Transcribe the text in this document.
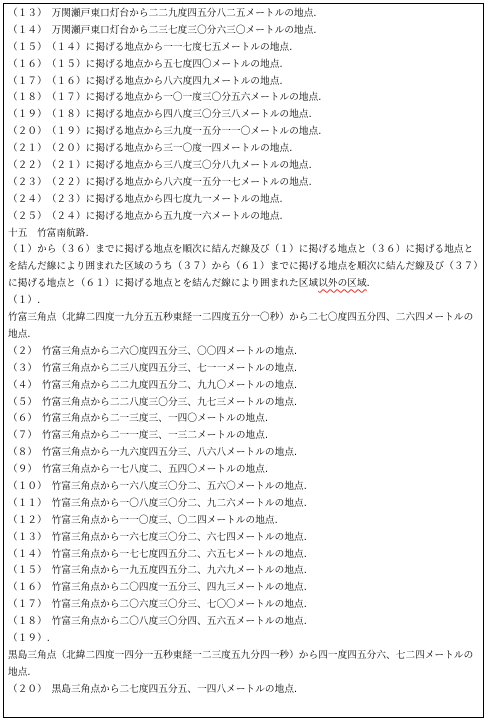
（１３）　万関瀬戸東口灯台から二二九度四五分八二五メートルの地点.
（１４）　万関瀬戸東口灯台から二三七度三〇分六三〇メートルの地点.
（１５）　（１４）に掲げる地点から一一七度七五メートルの地点.
（１６）　（１５）に掲げる地点から五七度四〇メートルの地点.
（１７）　（１６）に掲げる地点から八六度四九メートルの地点.
（１８）　（１７）に掲げる地点から一〇一度三〇分五六メートルの地点.
（１９）　（１８）に掲げる地点から四八度三〇分三八メートルの地点.
（２０）　（１９）に掲げる地点から三九度一五分一一〇メートルの地点.
（２１）　（２０）に掲げる地点から三一〇度一四メートルの地点.
（２２）　（２１）に掲げる地点から三八度三〇分八九メートルの地点.
（２３）　（２２）に掲げる地点から八六度一五分一七メートルの地点.
（２４）　（２３）に掲げる地点から四七度九一メートルの地点.
（２５）　（２４）に掲げる地点から五九度一六メートルの地点.
十五　竹富南航路.
（１）から（３６）までに掲げる地点を順次に結んだ線及び（１）に掲げる地点と（３６）に掲げる地点とを結んだ線により囲まれた区域のうち（３７）から（６１）までに掲げる地点を順次に結んだ線及び（３７）に掲げる地点と（６１）に掲げる地点とを結んだ線により囲まれた区域以外の区域.
（１）.
竹富三角点（北緯二四度一九分五五秒東経一二四度五分一〇秒）から二七〇度四五分四、二六四メートルの地点.
（２）　竹富三角点から二六〇度四五分三、〇〇四メートルの地点.
（３）　竹富三角点から二三八度四五分三、七一一メートルの地点.
（４）　竹富三角点から二二九度四五分二、九九〇メートルの地点.
（５）　竹富三角点から二二八度三〇分三、九七三メートルの地点.
（６）　竹富三角点から二一三度三、一四〇メートルの地点.
（７）　竹富三角点から二一一度三、一三二メートルの地点.
（８）　竹富三角点から一九六度四五分三、八六八メートルの地点.
（９）　竹富三角点から一七八度二、五四〇メートルの地点.
（１０）　竹富三角点から一六八度三〇分二、五六〇メートルの地点.
（１１）　竹富三角点から一〇八度三〇分二、九二六メートルの地点.
（１２）　竹富三角点から一一〇度三、〇二四メートルの地点.
（１３）　竹富三角点から一六七度三〇分二、六七四メートルの地点.
（１４）　竹富三角点から一七七度四五分二、六五七メートルの地点.
（１５）　竹富三角点から一九五度四五分二、九六九メートルの地点.
（１６）　竹富三角点から二〇四度一五分三、四九三メートルの地点.
（１７）　竹富三角点から二〇六度三〇分三、七〇〇メートルの地点.
（１８）　竹富三角点から二〇八度三〇分四、五六五メートルの地点.
（１９）.
黒島三角点（北緯二四度一四分一五秒東経一二三度五九分四一秒）から四一度四五分六、七二四メートルの地点.
（２０）　黒島三角点から二七度四五分五、一四八メートルの地点.
